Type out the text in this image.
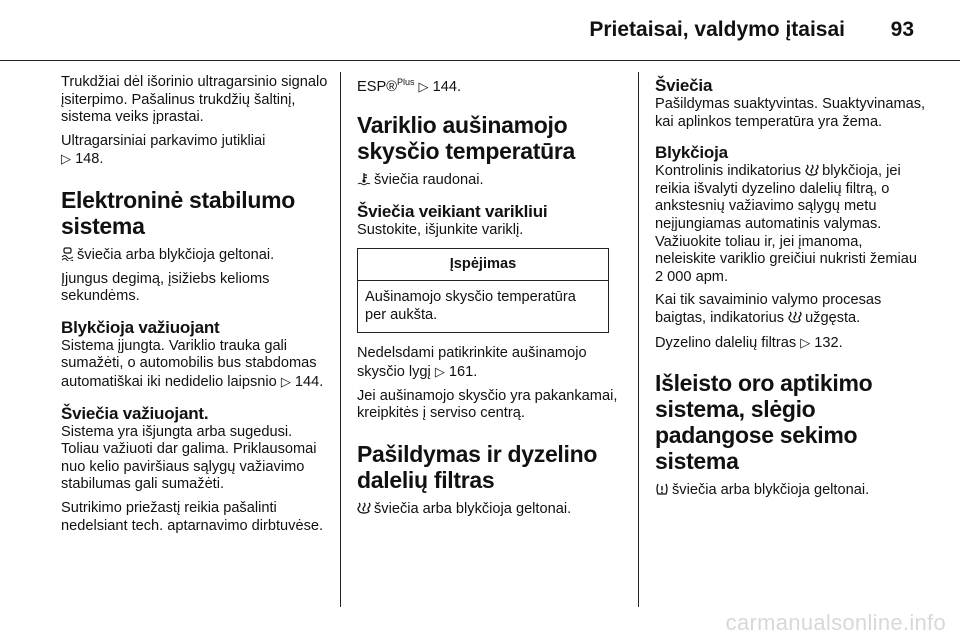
Prietaisai, valdymo įtaisai 93

Trukdžiai dėl išorinio ultragarsinio signalo įsiterpimo. Pašalinus trukdžių šaltinį, sistema veiks įprastai.

Ultragarsiniai parkavimo jutikliai
▷ 148.

Elektroninė stabilumo sistema

šviečia arba blykčioja geltonai.

Įjungus degimą, įsižiebs kelioms sekundėms.

Blykčioja važiuojant

Sistema įjungta. Variklio trauka gali sumažėti, o automobilis bus stabdomas automatiškai iki nedidelio laipsnio ▷ 144.

Šviečia važiuojant.

Sistema yra išjungta arba sugedusi. Toliau važiuoti dar galima. Priklausomai nuo kelio paviršiaus sąlygų važiavimo stabilumas gali sumažėti.

Sutrikimo priežastį reikia pašalinti nedelsiant tech. aptarnavimo dirbtuvėse.

ESP®$^{Plus}$ ▷ 144.

Variklio aušinamojo skysčio temperatūra

šviečia raudonai.

Šviečia veikiant varikliui

Sustokite, išjunkite variklį.

Įspėjimas
Aušinamojo skysčio temperatūra per aukšta.

Nedelsdami patikrinkite aušinamojo skysčio lygį ▷ 161.

Jei aušinamojo skysčio yra pakankamai, kreipkitės į serviso centrą.

Pašildymas ir dyzelino dalelių filtras

šviečia arba blykčioja geltonai.

Šviečia

Pašildymas suaktyvintas. Suaktyvinamas, kai aplinkos temperatūra yra žema.

Blykčioja

Kontrolinis indikatorius blykčioja, jei reikia išvalyti dyzelino dalelių filtrą, o ankstesnių važiavimo sąlygų metu neįjungiamas automatinis valymas. Važiuokite toliau ir, jei įmanoma, neleiskite variklio greičiui nukristi žemiau 2 000 apm.

Kai tik savaiminio valymo procesas baigtas, indikatorius užgęsta.

Dyzelino dalelių filtras ▷ 132.

Išleisto oro aptikimo sistema, slėgio padangose sekimo sistema

šviečia arba blykčioja geltonai.

carmanualsonline.info
